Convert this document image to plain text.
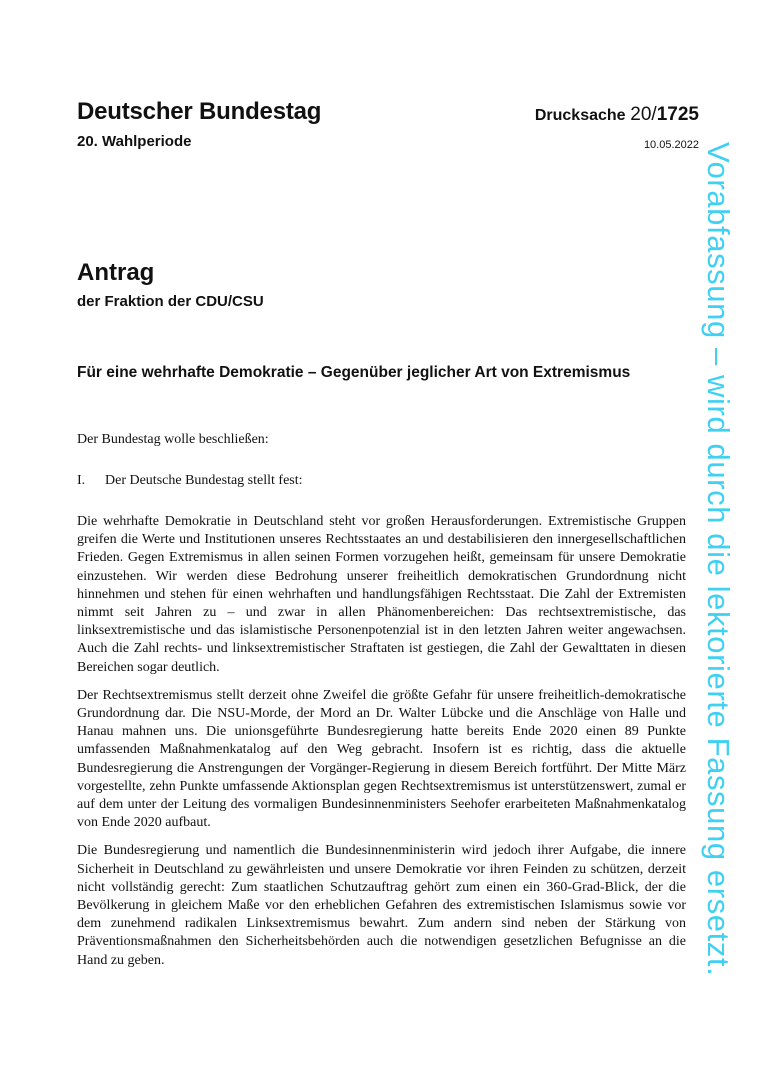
Deutscher Bundestag
20. Wahlperiode
Drucksache 20/1725
10.05.2022
Antrag
der Fraktion der CDU/CSU
Für eine wehrhafte Demokratie – Gegenüber jeglicher Art von Extremismus
Der Bundestag wolle beschließen:
I. Der Deutsche Bundestag stellt fest:

Die wehrhafte Demokratie in Deutschland steht vor großen Herausforderungen. Extremistische Gruppen greifen die Werte und Institutionen unseres Rechtsstaates an und destabilisieren den innergesellschaftlichen Frieden. Gegen Extremismus in allen seinen Formen vorzugehen heißt, gemeinsam für unsere Demokratie einzustehen. Wir werden diese Bedrohung unserer freiheitlich demokratischen Grundordnung nicht hinnehmen und stehen für einen wehrhaften und handlungsfähigen Rechtsstaat. Die Zahl der Extremisten nimmt seit Jahren zu – und zwar in allen Phänomenbereichen: Das rechtsextremistische, das linksextremistische und das islamistische Personenpotenzial ist in den letzten Jahren weiter angewachsen. Auch die Zahl rechts- und linksextremistischer Straftaten ist gestiegen, die Zahl der Gewalttaten in diesen Bereichen sogar deutlich.

Der Rechtsextremismus stellt derzeit ohne Zweifel die größte Gefahr für unsere freiheitlich-demokratische Grundordnung dar. Die NSU-Morde, der Mord an Dr. Walter Lübcke und die Anschläge von Halle und Hanau mahnen uns. Die unionsgeführte Bundesregierung hatte bereits Ende 2020 einen 89 Punkte umfassenden Maßnahmenkatalog auf den Weg gebracht. Insofern ist es richtig, dass die aktuelle Bundesregierung die Anstrengungen der Vorgänger-Regierung in diesem Bereich fortführt. Der Mitte März vorgestellte, zehn Punkte umfassende Aktionsplan gegen Rechtsextremismus ist unterstützenswert, zumal er auf dem unter der Leitung des vormaligen Bundesinnenministers Seehofer erarbeiteten Maßnahmenkatalog von Ende 2020 aufbaut.

Die Bundesregierung und namentlich die Bundesinnenministerin wird jedoch ihrer Aufgabe, die innere Sicherheit in Deutschland zu gewährleisten und unsere Demokratie vor ihren Feinden zu schützen, derzeit nicht vollständig gerecht: Zum staatlichen Schutzauftrag gehört zum einen ein 360-Grad-Blick, der die Bevölkerung in gleichem Maße vor den erheblichen Gefahren des extremistischen Islamismus sowie vor dem zunehmend radikalen Linksextremismus bewahrt. Zum andern sind neben der Stärkung von Präventionsmaßnahmen den Sicherheitsbehörden auch die notwendigen gesetzlichen Befugnisse an die Hand zu geben.	Vorabfassung – wird durch die lektorierte Fassung ersetzt.
